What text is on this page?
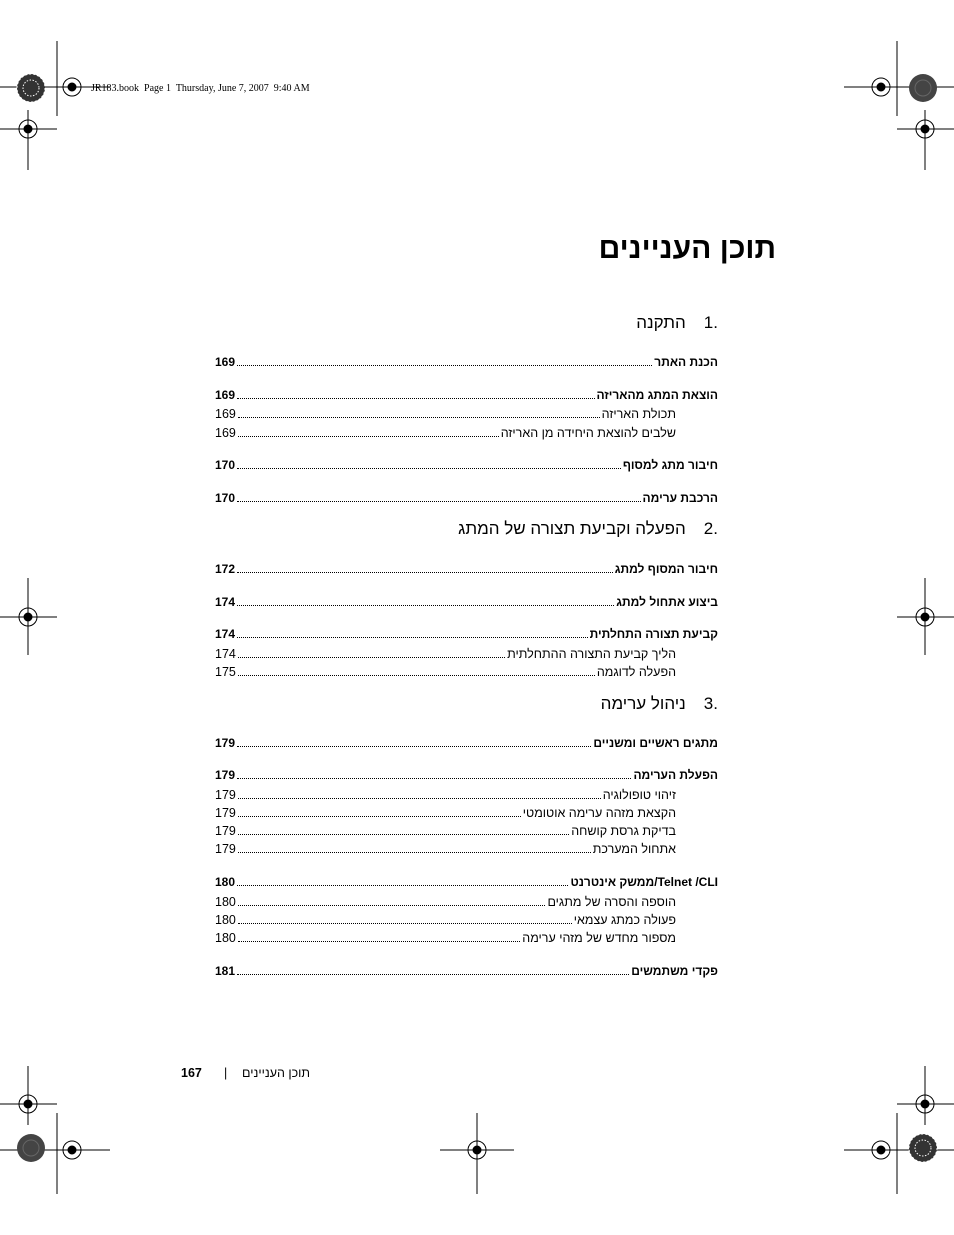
JR183.book  Page 1  Thursday, June 7, 2007  9:40 AM
תוכן העניינים
.1
התקנה
הכנת האתר
169
הוצאת המתג מהאריזה
169
תכולת האריזה
169
שלבים להוצאת היחידה מן האריזה
169
חיבור מתג למסוף
170
הרכבת ערימה
170
.2
הפעלה וקביעת תצורה של המתג
חיבור המסוף למתג
172
ביצוע אתחול למתג
174
קביעת תצורה התחלתית
174
הליך קביעת התצורה ההתחלתית
174
הפעלה לדוגמה
175
.3
ניהול ערימה
מתגים ראשיים ומשניים
179
הפעלת הערימה
179
זיהוי טופולוגיה
179
הקצאת מזהה ערימה אוטומטי
179
בדיקת גרסת קושחה
179
אתחול המערכת
179
Telnet /CLI/ממשק אינטרנט
180
הוספה והסרה של מתגים
180
פעולה כמתג עצמאי
180
מספור מחדש של מזהי ערימה
180
פקדי משתמשים
181
167 | תוכן העניינים
